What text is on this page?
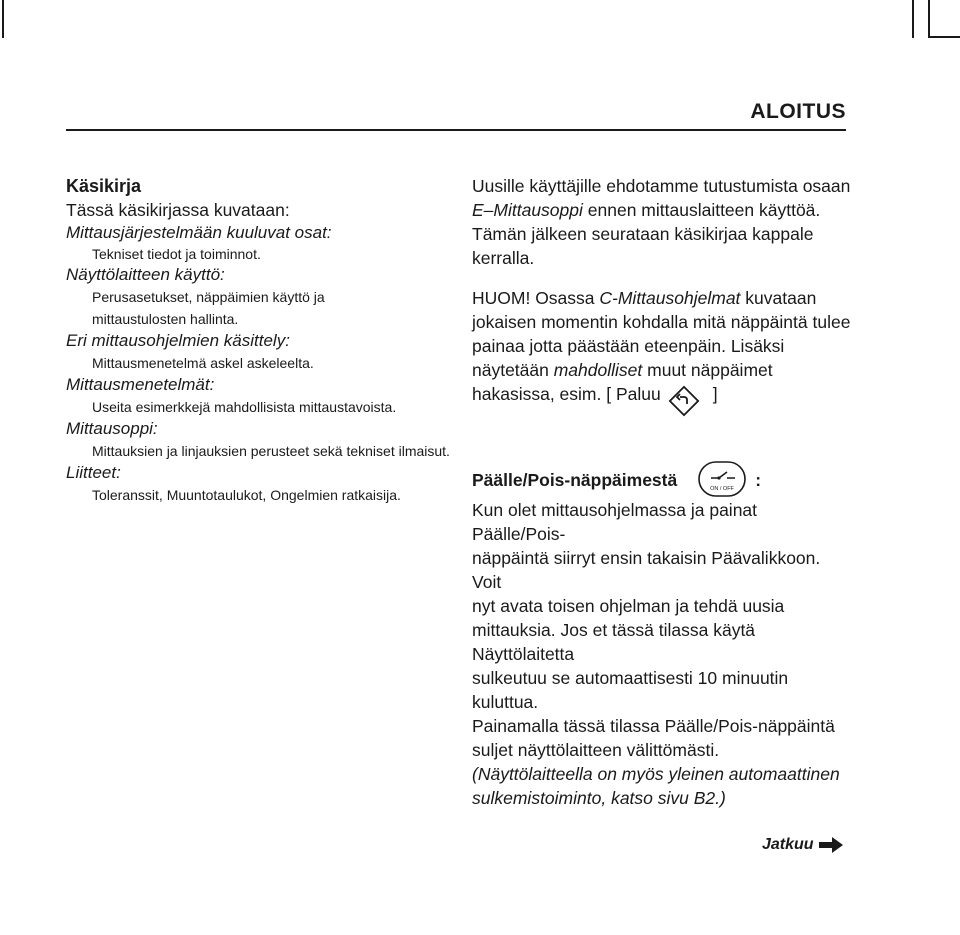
ALOITUS
Käsikirja
Tässä käsikirjassa kuvataan:
Mittausjärjestelmään kuuluvat osat:
Tekniset tiedot ja toiminnot.
Näyttölaitteen käyttö:
Perusasetukset, näppäimien käyttö ja
mittaustulosten hallinta.
Eri mittausohjelmien käsittely:
Mittausmenetelmä askel askeleelta.
Mittausmenetelmät:
Useita esimerkkejä mahdollisista mittaustavoista.
Mittausoppi:
Mittauksien ja linjauksien perusteet sekä tekniset ilmaisut.
Liitteet:
Toleranssit, Muuntotaulukot, Ongelmien ratkaisija.

Uusille käyttäjille ehdotamme tutustumista osaan

E–Mittausoppi ennen mittauslaitteen käyttöä.

Tämän jälkeen seurataan käsikirjaa kappale

kerralla.

HUOM! Osassa C-Mittausohjelmat kuvataan

jokaisen momentin kohdalla mitä näppäintä tulee

painaa jotta päästään eteenpäin. Lisäksi

näytetään mahdolliset muut näppäimet

hakasissa, esim. [ Paluu	]

Päälle/Pois-näppäimestä	ON / OFF :

Kun olet mittausohjelmassa ja painat Päälle/Pois-

näppäintä siirryt ensin takaisin Päävalikkoon. Voit

nyt avata toisen ohjelman ja tehdä uusia

mittauksia. Jos et tässä tilassa käytä Näyttölaitetta

sulkeutuu se automaattisesti 10 minuutin kuluttua.

Painamalla tässä tilassa Päälle/Pois-näppäintä

suljet näyttölaitteen välittömästi.

(Näyttölaitteella on myös yleinen automaattinen

sulkemistoiminto, katso sivu B2.)

Jatkuu
